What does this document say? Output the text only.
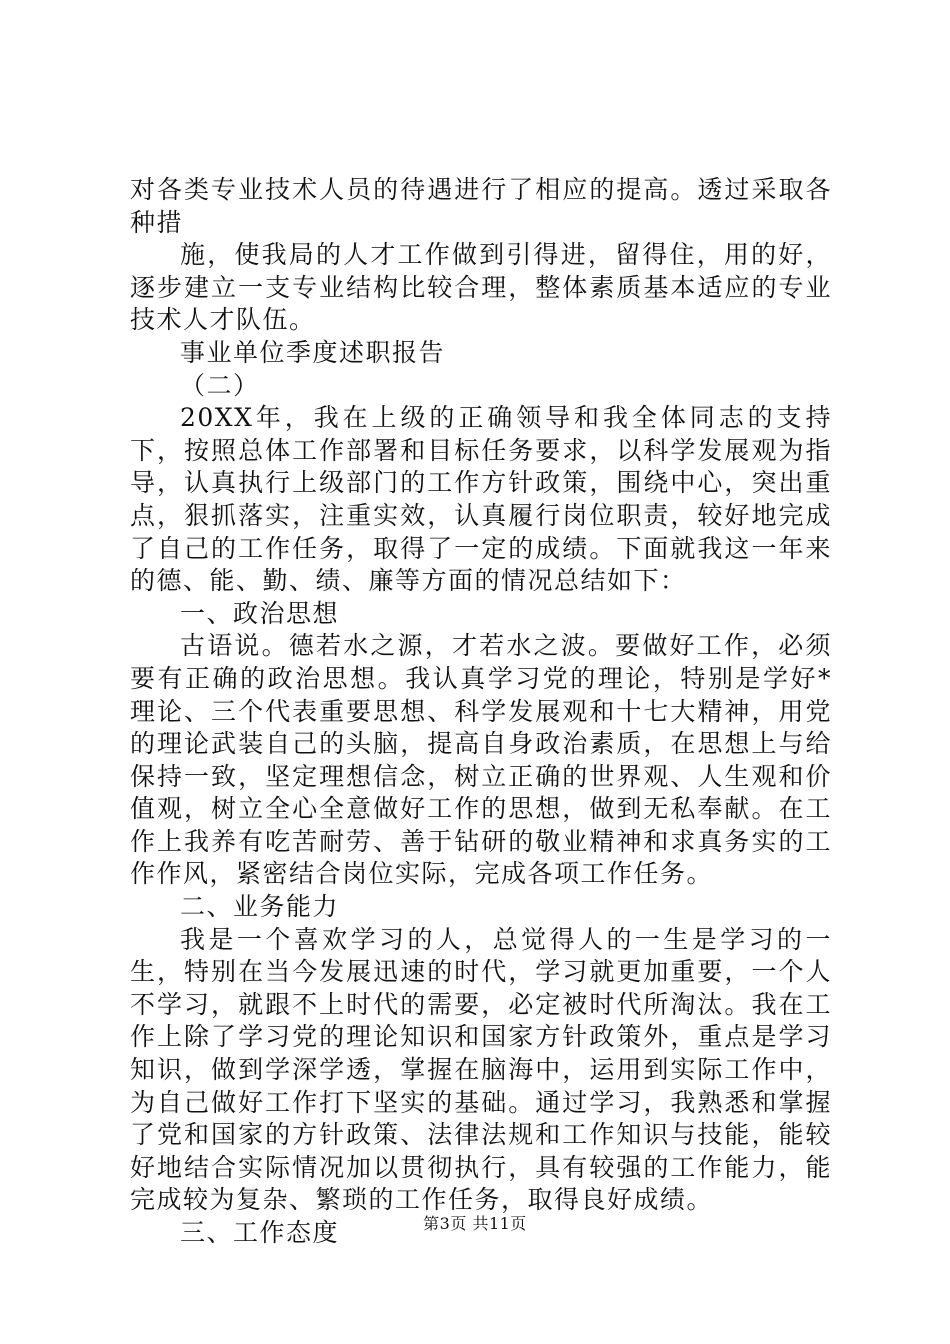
对各类专业技术人员的待遇进行了相应的提高。透过采取各种措

施，使我局的人才工作做到引得进，留得住，用的好，逐步建立一支专业结构比较合理，整体素质基本适应的专业技术人才队伍。

事业单位季度述职报告

（二）

20XX年，我在上级的正确领导和我全体同志的支持下，按照总体工作部署和目标任务要求，以科学发展观为指导，认真执行上级部门的工作方针政策，围绕中心，突出重点，狠抓落实，注重实效，认真履行岗位职责，较好地完成了自己的工作任务，取得了一定的成绩。下面就我这一年来的德、能、勤、绩、廉等方面的情况总结如下：

一、政治思想

古语说。德若水之源，才若水之波。要做好工作，必须要有正确的政治思想。我认真学习党的理论，特别是学好*理论、三个代表重要思想、科学发展观和十七大精神，用党的理论武装自己的头脑，提高自身政治素质，在思想上与给保持一致，坚定理想信念，树立正确的世界观、人生观和价值观，树立全心全意做好工作的思想，做到无私奉献。在工作上我养有吃苦耐劳、善于钻研的敬业精神和求真务实的工作作风，紧密结合岗位实际，完成各项工作任务。

二、业务能力

我是一个喜欢学习的人，总觉得人的一生是学习的一生，特别在当今发展迅速的时代，学习就更加重要，一个人不学习，就跟不上时代的需要，必定被时代所淘汰。我在工作上除了学习党的理论知识和国家方针政策外，重点是学习知识，做到学深学透，掌握在脑海中，运用到实际工作中，为自己做好工作打下坚实的基础。通过学习，我熟悉和掌握了党和国家的方针政策、法律法规和工作知识与技能，能较好地结合实际情况加以贯彻执行，具有较强的工作能力，能完成较为复杂、繁琐的工作任务，取得良好成绩。

三、工作态度	第3页 共11页
